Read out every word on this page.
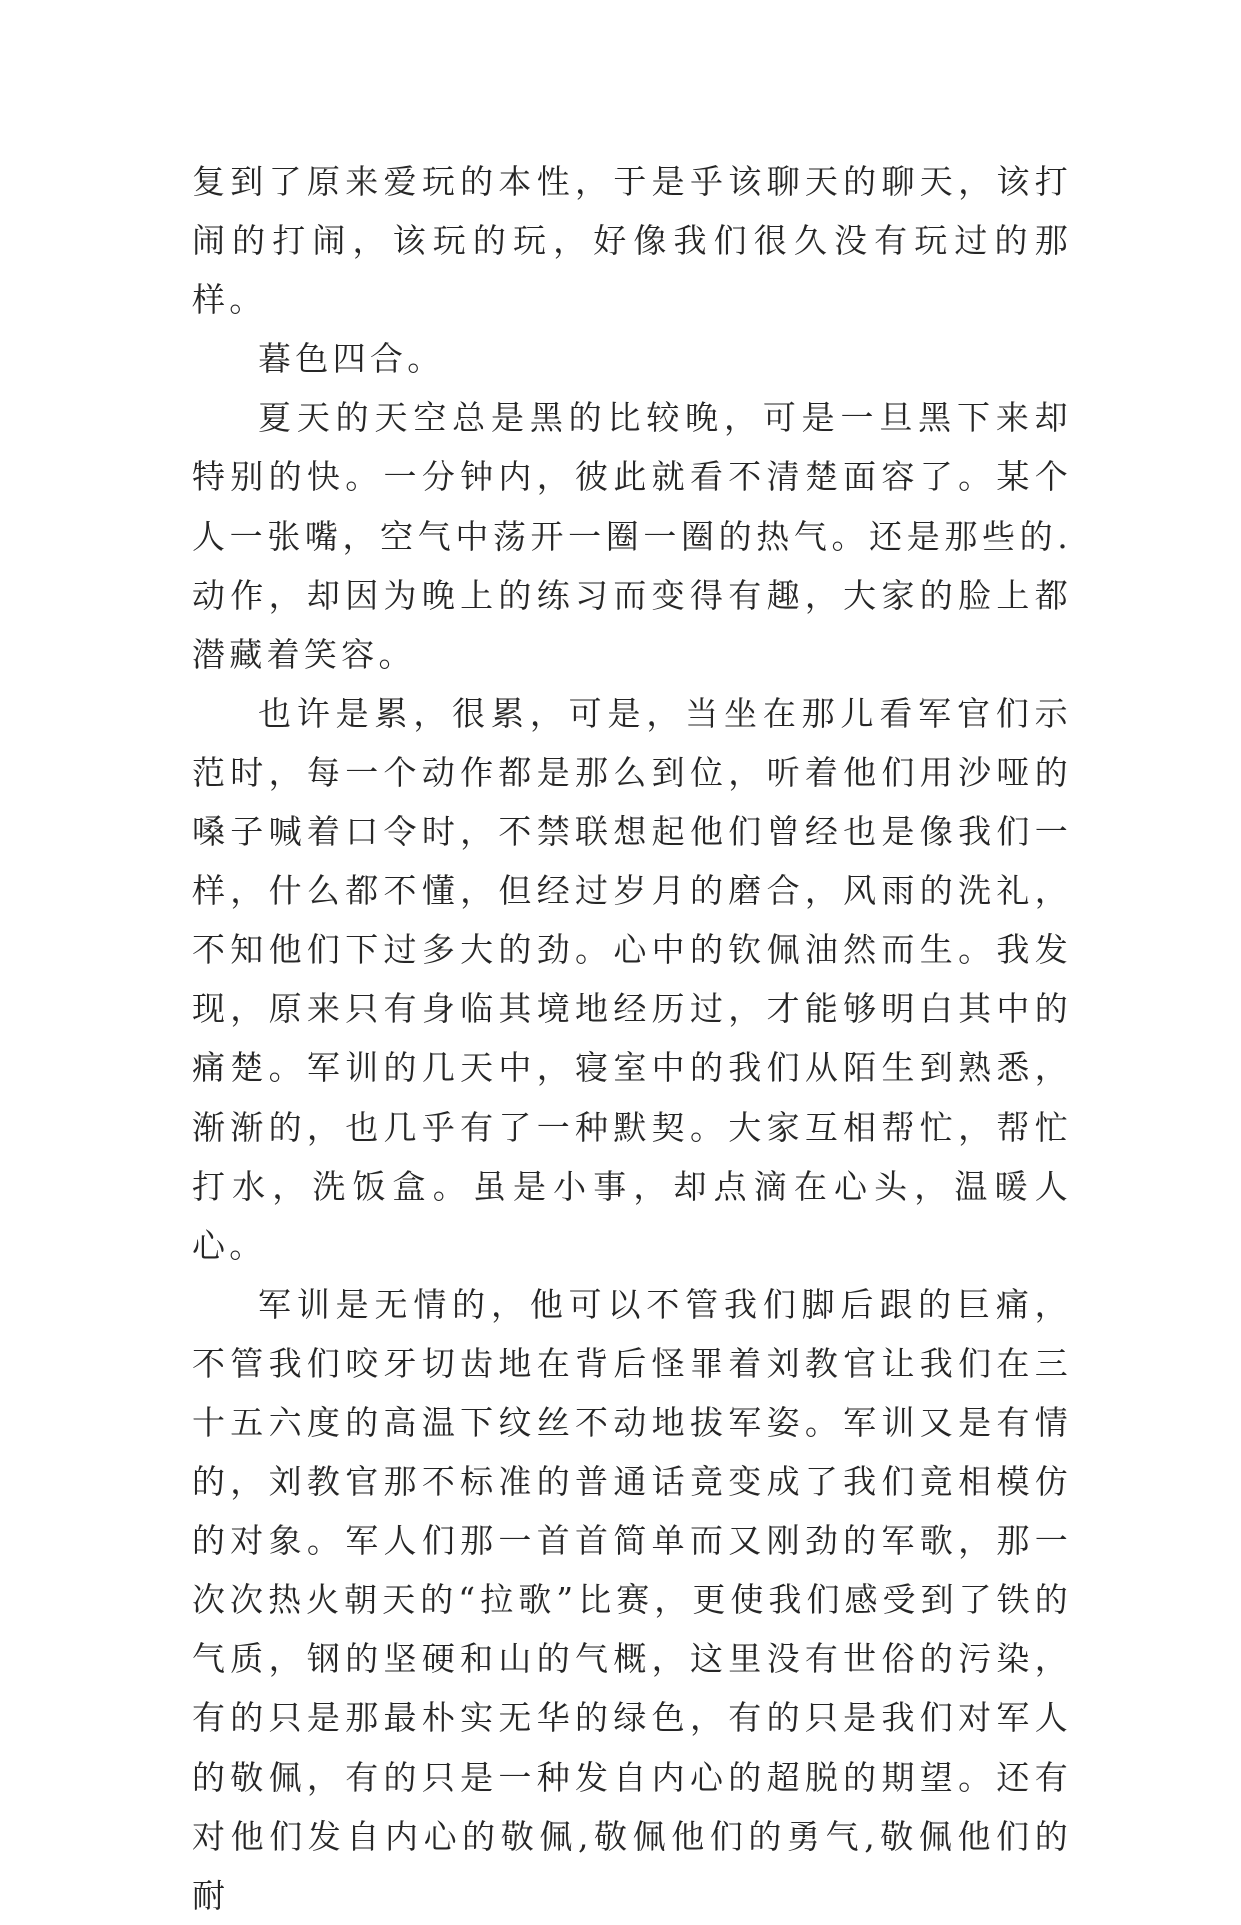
复到了原来爱玩的本性，于是乎该聊天的聊天，该打闹的打闹，该玩的玩，好像我们很久没有玩过的那样。

暮色四合。

夏天的天空总是黑的比较晚，可是一旦黑下来却特别的快。一分钟内，彼此就看不清楚面容了。某个人一张嘴，空气中荡开一圈一圈的热气。还是那些的.动作，却因为晚上的练习而变得有趣，大家的脸上都潜藏着笑容。

也许是累，很累，可是，当坐在那儿看军官们示范时，每一个动作都是那么到位，听着他们用沙哑的嗓子喊着口令时，不禁联想起他们曾经也是像我们一样，什么都不懂，但经过岁月的磨合，风雨的洗礼，不知他们下过多大的劲。心中的钦佩油然而生。我发现，原来只有身临其境地经历过，才能够明白其中的痛楚。军训的几天中，寝室中的我们从陌生到熟悉，渐渐的，也几乎有了一种默契。大家互相帮忙，帮忙打水，洗饭盒。虽是小事，却点滴在心头，温暖人心。

军训是无情的，他可以不管我们脚后跟的巨痛，不管我们咬牙切齿地在背后怪罪着刘教官让我们在三十五六度的高温下纹丝不动地拔军姿。军训又是有情的，刘教官那不标准的普通话竟变成了我们竟相模仿的对象。军人们那一首首简单而又刚劲的军歌，那一次次热火朝天的“拉歌”比赛，更使我们感受到了铁的气质，钢的坚硬和山的气概，这里没有世俗的污染，有的只是那最朴实无华的绿色，有的只是我们对军人的敬佩，有的只是一种发自内心的超脱的期望。还有对他们发自内心的敬佩,敬佩他们的勇气,敬佩他们的耐
